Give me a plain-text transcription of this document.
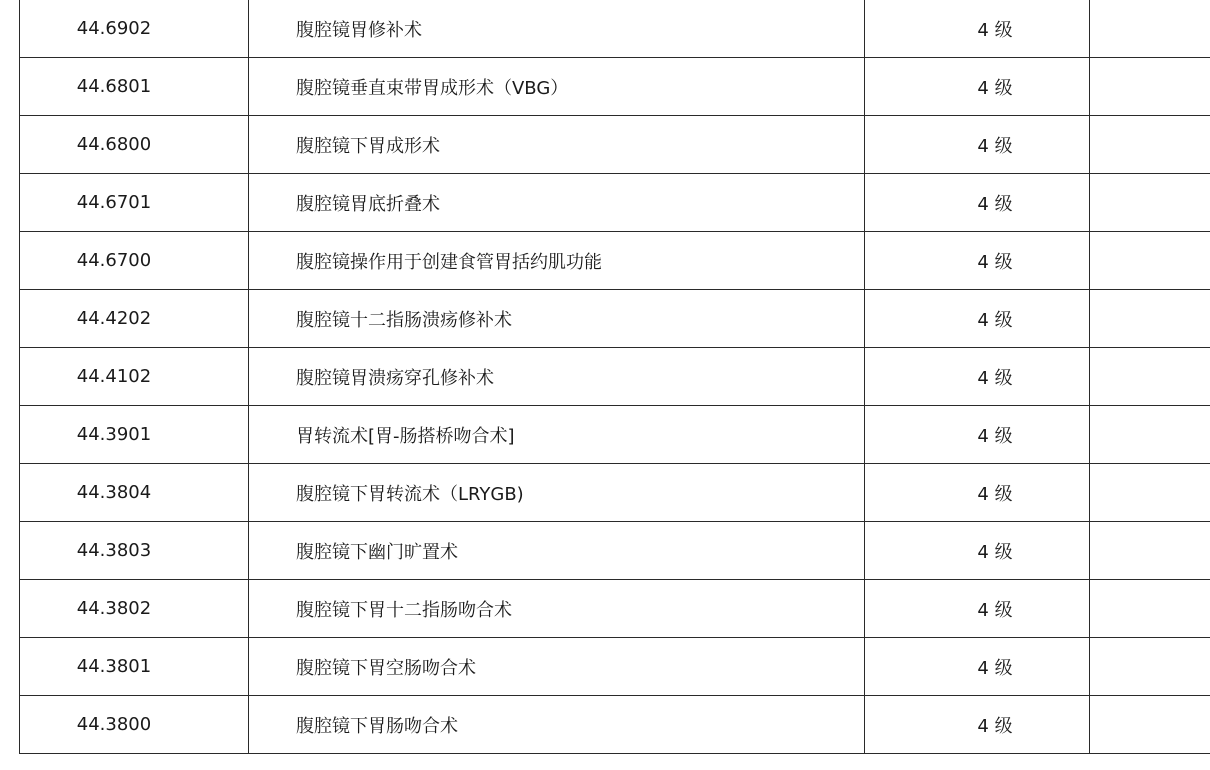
44.6902	腹腔镜胃修补术	4 级	
44.6801	腹腔镜垂直束带胃成形术（VBG）	4 级	
44.6800	腹腔镜下胃成形术	4 级	
44.6701	腹腔镜胃底折叠术	4 级	
44.6700	腹腔镜操作用于创建食管胃括约肌功能	4 级	
44.4202	腹腔镜十二指肠溃疡修补术	4 级	
44.4102	腹腔镜胃溃疡穿孔修补术	4 级	
44.3901	胃转流术[胃-肠搭桥吻合术]	4 级	
44.3804	腹腔镜下胃转流术（LRYGB)	4 级	
44.3803	腹腔镜下幽门旷置术	4 级	
44.3802	腹腔镜下胃十二指肠吻合术	4 级	
44.3801	腹腔镜下胃空肠吻合术	4 级	
44.3800	腹腔镜下胃肠吻合术	4 级	
